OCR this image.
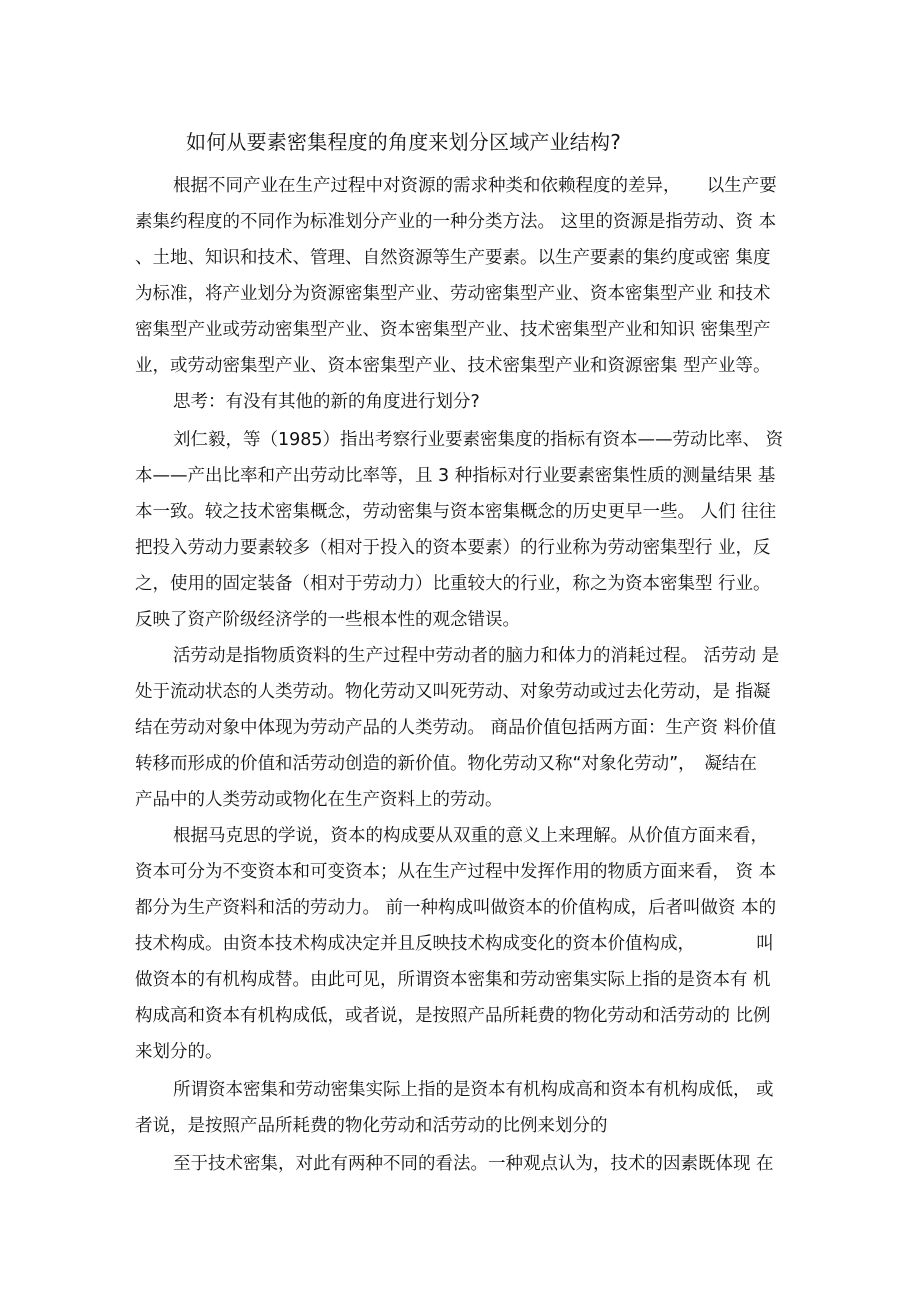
如何从要素密集程度的角度来划分区域产业结构?
根据不同产业在生产过程中对资源的需求种类和依赖程度的差异，　　以生产要
素集约程度的不同作为标准划分产业的一种分类方法。 这里的资源是指劳动、资 本
、土地、知识和技术、管理、自然资源等生产要素。以生产要素的集约度或密 集度
为标准，将产业划分为资源密集型产业、劳动密集型产业、资本密集型产业 和技术
密集型产业或劳动密集型产业、资本密集型产业、技术密集型产业和知识 密集型产
业，或劳动密集型产业、资本密集型产业、技术密集型产业和资源密集 型产业等。
思考：有没有其他的新的角度进行划分?
刘仁毅，等（1985）指出考察行业要素密集度的指标有资本——劳动比率、 资
本——产出比率和产出劳动比率等，且 3 种指标对行业要素密集性质的测量结果 基
本一致。较之技术密集概念，劳动密集与资本密集概念的历史更早一些。 人们 往往
把投入劳动力要素较多（相对于投入的资本要素）的行业称为劳动密集型行 业，反
之，使用的固定装备（相对于劳动力）比重较大的行业，称之为资本密集型 行业。
反映了资产阶级经济学的一些根本性的观念错误。
活劳动是指物质资料的生产过程中劳动者的脑力和体力的消耗过程。 活劳动 是
处于流动状态的人类劳动。物化劳动又叫死劳动、对象劳动或过去化劳动，是 指凝
结在劳动对象中体现为劳动产品的人类劳动。 商品价值包括两方面：生产资 料价值
转移而形成的价值和活劳动创造的新价值。物化劳动又称“对象化劳动”，　凝结在
产品中的人类劳动或物化在生产资料上的劳动。
根据马克思的学说，资本的构成要从双重的意义上来理解。从价值方面来看，
资本可分为不变资本和可变资本；从在生产过程中发挥作用的物质方面来看， 资 本
都分为生产资料和活的劳动力。 前一种构成叫做资本的价值构成，后者叫做资 本的
技术构成。由资本技术构成决定并且反映技术构成变化的资本价值构成，　　　　叫
做资本的有机构成替。由此可见，所谓资本密集和劳动密集实际上指的是资本有 机
构成高和资本有机构成低，或者说，是按照产品所耗费的物化劳动和活劳动的 比例
来划分的。
所谓资本密集和劳动密集实际上指的是资本有机构成高和资本有机构成低， 或
者说，是按照产品所耗费的物化劳动和活劳动的比例来划分的
至于技术密集，对此有两种不同的看法。一种观点认为，技术的因素既体现 在
